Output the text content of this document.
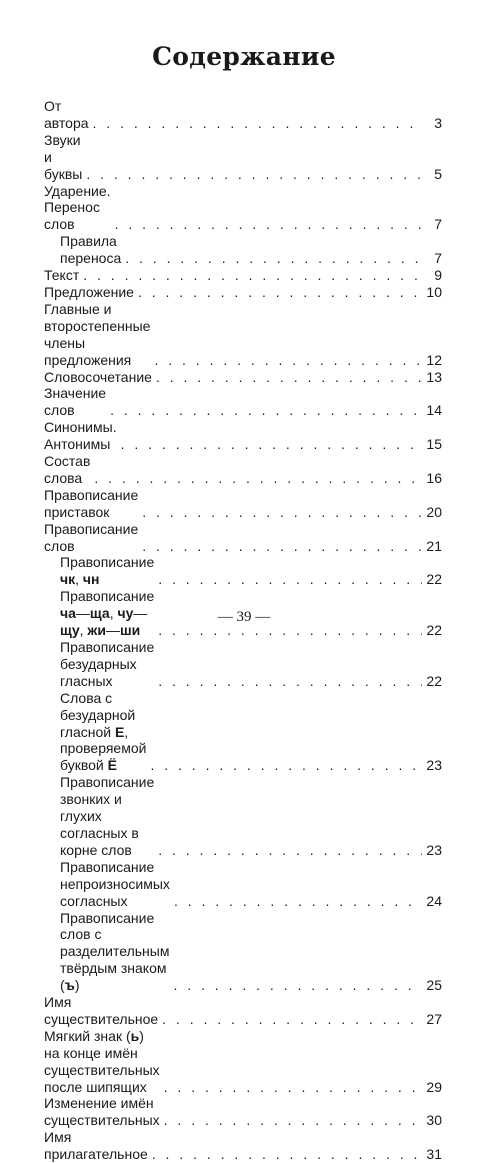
Содержание
От автора . . .	3
Звуки и буквы . . .	5
Ударение. Перенос слов . . .	7
Правила переноса . . .	7
Текст . . .	9
Предложение . . .	10
Главные и второстепенные члены предложения . . .	12
Словосочетание . . .	13
Значение слов . . .	14
Синонимы. Антонимы . . .	15
Состав слова . . .	16
Правописание приставок . . .	20
Правописание слов . . .	21
Правописание чк, чн . . .	22
Правописание ча—ща, чу—щу, жи—ши . . .	22
Правописание безударных гласных . . .	22
Слова с безударной гласной Е, проверяемой буквой Ё . . .	23
Правописание звонких и глухих согласных в корне слов . . .	23
Правописание непроизносимых согласных . . .	24
Правописание слов с разделительным твёрдым знаком (ъ) . . .	25
Имя существительное . . .	27
Мягкий знак (ь) на конце имён существительных после шипящих . . .	29
Изменение имён существительных . . .	30
Имя прилагательное . . .	31
— 39 —
